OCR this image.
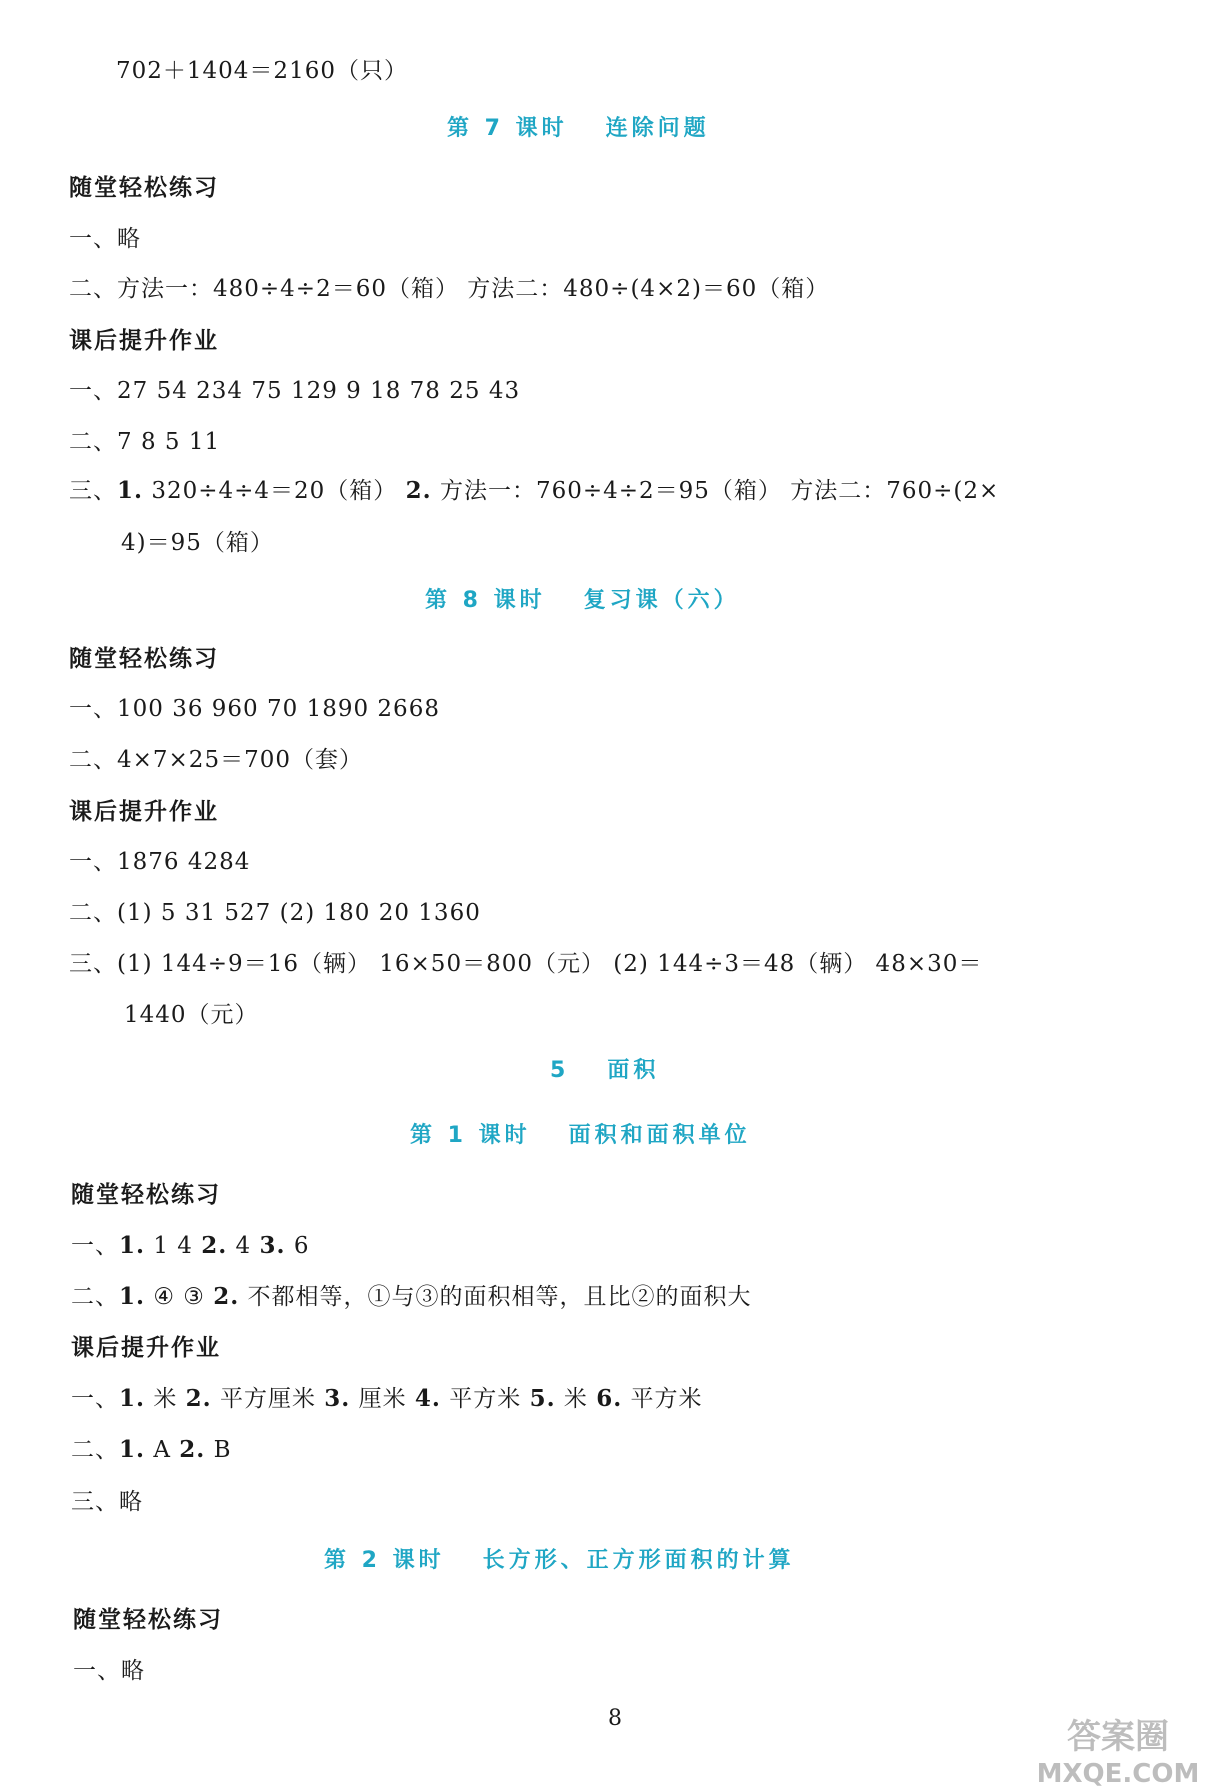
702＋1404＝2160（只）
第 7 课时 连除问题
随堂轻松练习
一、略
二、方法一：480÷4÷2＝60（箱） 方法二：480÷(4×2)＝60（箱）
课后提升作业
一、27 54 234 75 129 9 18 78 25 43
二、7 8 5 11
三、1. 320÷4÷4＝20（箱） 2. 方法一：760÷4÷2＝95（箱） 方法二：760÷(2×
4)＝95（箱）
第 8 课时 复习课（六）
随堂轻松练习
一、100 36 960 70 1890 2668
二、4×7×25＝700（套）
课后提升作业
一、1876 4284
二、(1) 5 31 527 (2) 180 20 1360
三、(1) 144÷9＝16（辆） 16×50＝800（元） (2) 144÷3＝48（辆） 48×30＝
1440（元）
5 面积
第 1 课时 面积和面积单位
随堂轻松练习
一、1. 1 4 2. 4 3. 6
二、1. ④ ③ 2. 不都相等，①与③的面积相等，且比②的面积大
课后提升作业
一、1. 米 2. 平方厘米 3. 厘米 4. 平方米 5. 米 6. 平方米
二、1. A 2. B
三、略
第 2 课时 长方形、正方形面积的计算
随堂轻松练习
一、略
8	答案圈
MXQE.COM
